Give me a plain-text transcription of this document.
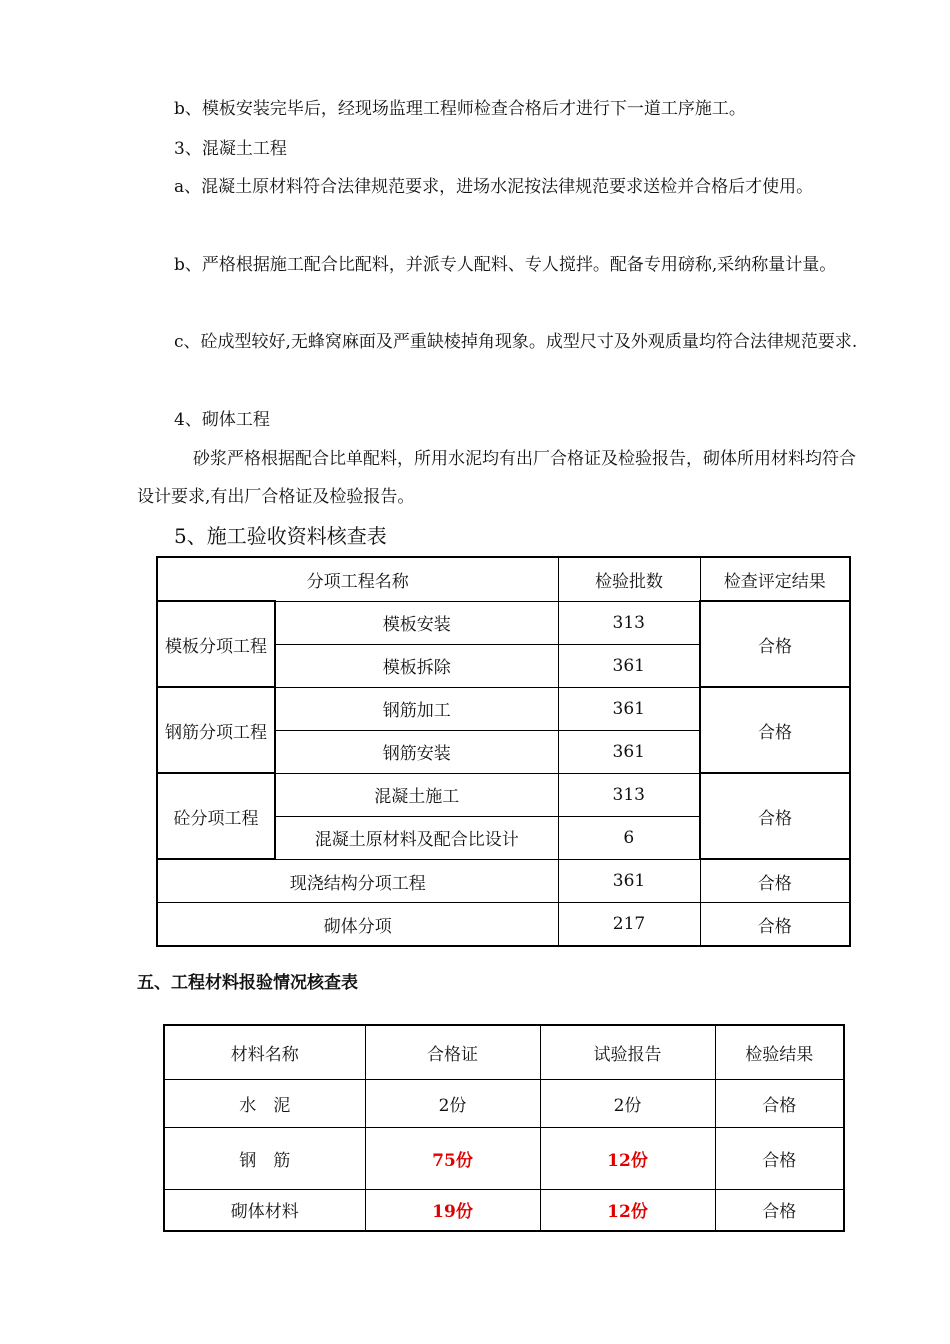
b、模板安装完毕后，经现场监理工程师检查合格后才进行下一道工序施工。

3、混凝土工程

a、混凝土原材料符合法律规范要求，进场水泥按法律规范要求送检并合格后才使用。

b、严格根据施工配合比配料，并派专人配料、专人搅拌。配备专用磅称,采纳称量计量。

c、砼成型较好,无蜂窝麻面及严重缺棱掉角现象。成型尺寸及外观质量均符合法律规范要求.

4、砌体工程

砂浆严格根据配合比单配料，所用水泥均有出厂合格证及检验报告，砌体所用材料均符合设计要求,有出厂合格证及检验报告。

5、施工验收资料核查表

分项工程名称		检验批数	检查评定结果
模板分项工程	模板安装	313	合格
	模板拆除	361	
钢筋分项工程	钢筋加工	361	合格
	钢筋安装	361	
砼分项工程	混凝土施工	313	合格
	混凝土原材料及配合比设计	6	
现浇结构分项工程		361	合格
砌体分项		217	合格

五、工程材料报验情况核查表

材料名称	合格证	试验报告	检验结果
水　泥	2份	2份	合格
钢　筋	75份	12份	合格
砌体材料	19份	12份	合格
